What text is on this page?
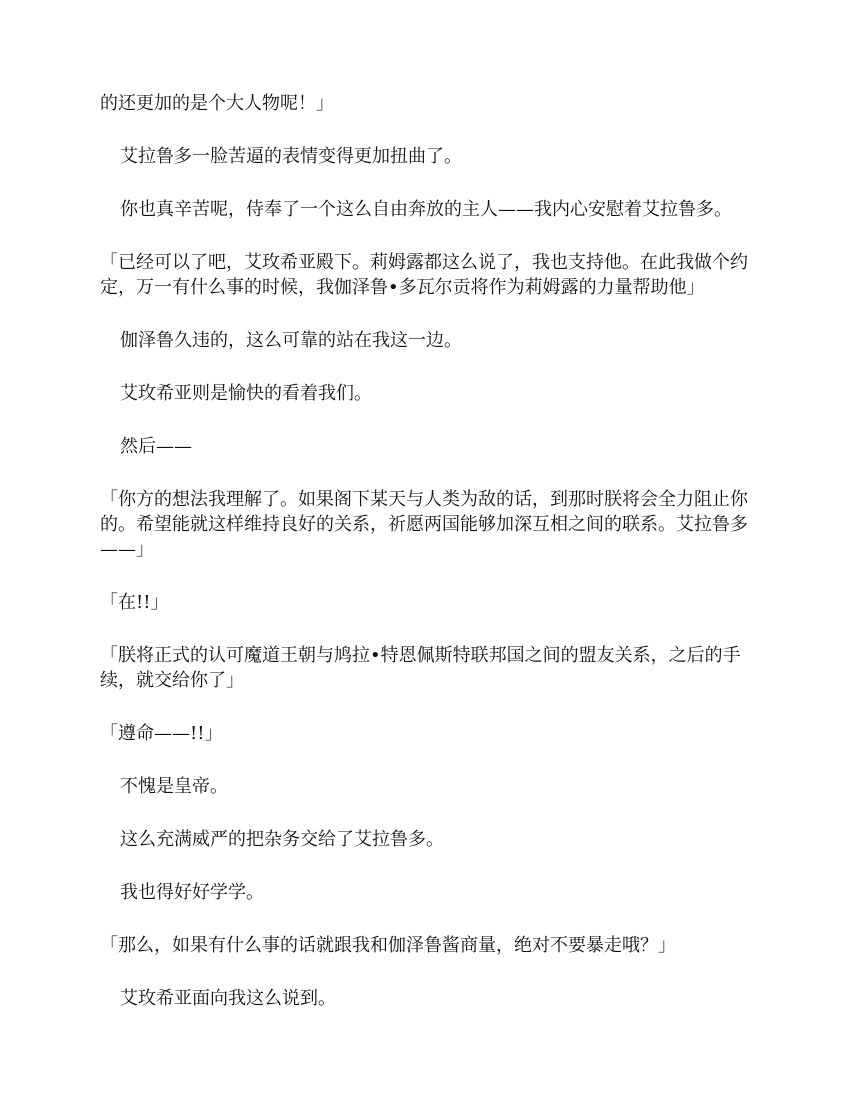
的还更加的是个大人物呢！」

艾拉鲁多一脸苦逼的表情变得更加扭曲了。

你也真辛苦呢，侍奉了一个这么自由奔放的主人——我内心安慰着艾拉鲁多。

「已经可以了吧，艾玫希亚殿下。莉姆露都这么说了，我也支持他。在此我做个约定，万一有什么事的时候，我伽泽鲁•多瓦尔贡将作为莉姆露的力量帮助他」

伽泽鲁久违的，这么可靠的站在我这一边。

艾玫希亚则是愉快的看着我们。

然后——

「你方的想法我理解了。如果阁下某天与人类为敌的话，到那时朕将会全力阻止你的。希望能就这样维持良好的关系，祈愿两国能够加深互相之间的联系。艾拉鲁多——」

「在!!」

「朕将正式的认可魔道王朝与鸠拉•特恩佩斯特联邦国之间的盟友关系，之后的手续，就交给你了」

「遵命——!!」

不愧是皇帝。

这么充满威严的把杂务交给了艾拉鲁多。

我也得好好学学。

「那么，如果有什么事的话就跟我和伽泽鲁酱商量，绝对不要暴走哦？」

艾玫希亚面向我这么说到。
